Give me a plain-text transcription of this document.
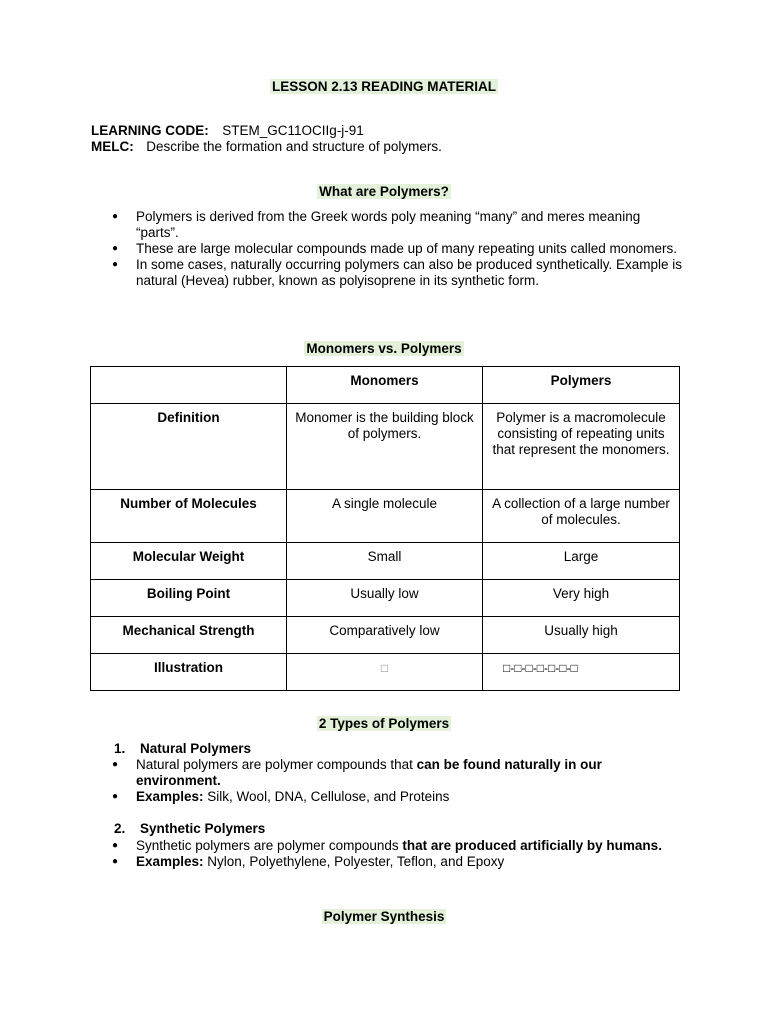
LESSON 2.13 READING MATERIAL
LEARNING CODE: STEM_GC11OCIIg-j-91
MELC: Describe the formation and structure of polymers.
What are Polymers?
● Polymers is derived from the Greek words poly meaning “many” and meres meaning “parts”.
● These are large molecular compounds made up of many repeating units called monomers.
● In some cases, naturally occurring polymers can also be produced synthetically. Example is natural (Hevea) rubber, known as polyisoprene in its synthetic form.
Monomers vs. Polymers
	Monomers	Polymers
Definition	Monomer is the building block of polymers.	Polymer is a macromolecule consisting of repeating units that represent the monomers.
Number of Molecules	A single molecule	A collection of a large number of molecules.
Molecular Weight	Small	Large
Boiling Point	Usually low	Very high
Mechanical Strength	Comparatively low	Usually high
Illustration	□	□-□-□-□-□-□-□
2 Types of Polymers
1. Natural Polymers
● Natural polymers are polymer compounds that can be found naturally in our environment.
● Examples: Silk, Wool, DNA, Cellulose, and Proteins
2. Synthetic Polymers
● Synthetic polymers are polymer compounds that are produced artificially by humans.
● Examples: Nylon, Polyethylene, Polyester, Teflon, and Epoxy
Polymer Synthesis
